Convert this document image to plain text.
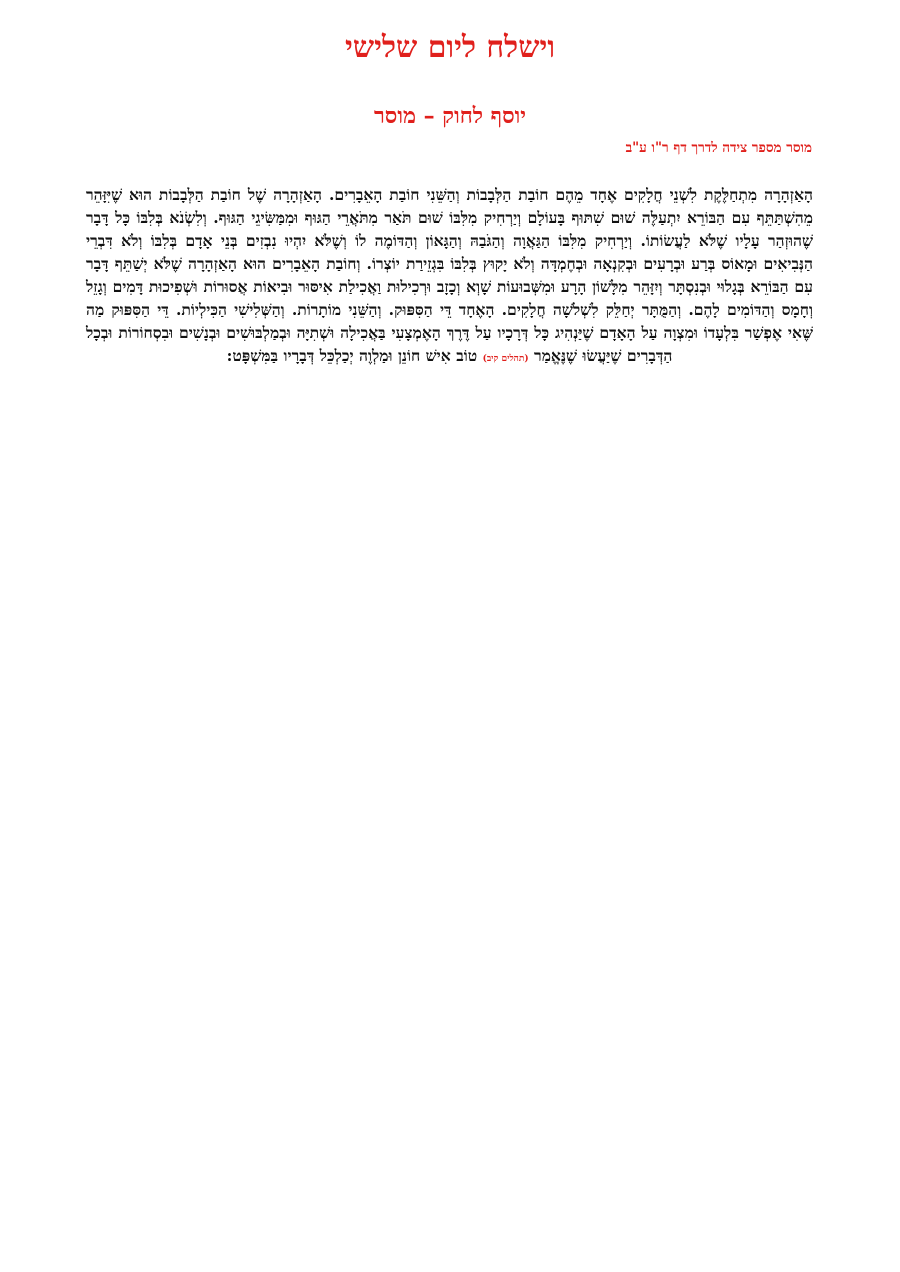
וישלח ליום שלישי
יוסף לחוק – מוסר
מוסר מספר צידה לדרך דף ר"ו ע"ב

הָאַזְהָרָה מִתְחַלֶּקֶת לִשְׁנֵי חֲלָקִים אֶחָד מֵהֶם חוֹבַת הַלְּבָבוֹת וְהַשֵּׁנִי חוֹבַת הָאֵבָרִים. הָאַזְהָרָה שֶׁל חוֹבַת הַלְּבָבוֹת הוּא שֶׁיִּזָּהֵר מֵהִשְׁתַּתֵּף עִם הַבּוֹרֵא יִתְעַלֶּה שׁוּם שִׁתּוּף בָּעוֹלָם וְיַרְחִיק מִלִּבּוֹ שׁוּם תֹּאַר מִתֹּאֲרֵי הַגּוּף וּמִמַּשִּׂיגֵי הַגּוּף. וְלִשְׂנֹא בְּלִבּוֹ כָּל דָּבָר שֶׁהוּזְהַר עָלָיו שֶׁלֹּא לַעֲשׂוֹתוֹ. וְיַרְחִיק מִלִּבּוֹ הַגַּאֲוָה וְהַגֹּבַהּ וְהַגָּאוֹן וְהַדּוֹמֶה לוֹ וְשֶׁלֹּא יִהְיוּ נִבְזִים בְּנֵי אָדָם בְּלִבּוֹ וְלֹא דִּבְרֵי הַנְּבִיאִים וּמָאוֹס בְּרַע וּבְרָעִים וּבְקִנְאָה וּבְחֶמְדָּה וְלֹא יָקוּץ בְּלִבּוֹ בִּגְזֵירַת יוֹצְרוֹ. וְחוֹבַת הָאֵבָרִים הוּא הָאַזְהָרָה שֶׁלֹּא יְשַׁתֵּף דָּבָר עִם הַבּוֹרֵא בְּגָלוּי וּבְנִסְתָּר וְיִזָּהֵר מִלָּשׁוֹן הָרָע וּמִשְּׁבוּעוֹת שָׁוְא וְכָזָב וּרְכִילוּת וַאֲכִילַת אִיסּוּר וּבִיאוֹת אֲסוּרוֹת וּשְׁפִיכוּת דָּמִים וְגָזֵל וְחָמָס וְהַדּוֹמִים לָהֶם. וְהַמֻּתָּר יְחַלֵּק לִשְׁלֹשָׁה חֲלָקִים. הָאֶחָד דֵּי הַסִּפּוּק. וְהַשֵּׁנִי מוֹתָרוֹת. וְהַשְּׁלִישִׁי הַכִּילְיוֹת. דֵּי הַסִּפּוּק מַה שֶּׁאִי אֶפְשַׁר בִּלְעָדוֹ וּמִצְוָה עַל הָאָדָם שֶׁיַּנְהִיג כָּל דְּרָכָיו עַל דֶּרֶךְ הָאֶמְצָעִי בַּאֲכִילָה וּשְׁתִיָּה וּבְמַלְבּוּשִׁים וּבְנָשִׁים וּבִסְחוֹרוֹת וּבְכָל הַדְּבָרִים שֶׁיַּעֲשׂוּ שֶׁנֶּאֱמַר (תהלים קיב) טוֹב אִישׁ חוֹנֵן וּמַלְוֶה יְכַלְכֵּל דְּבָרָיו בַּמִּשְׁפָּט:
